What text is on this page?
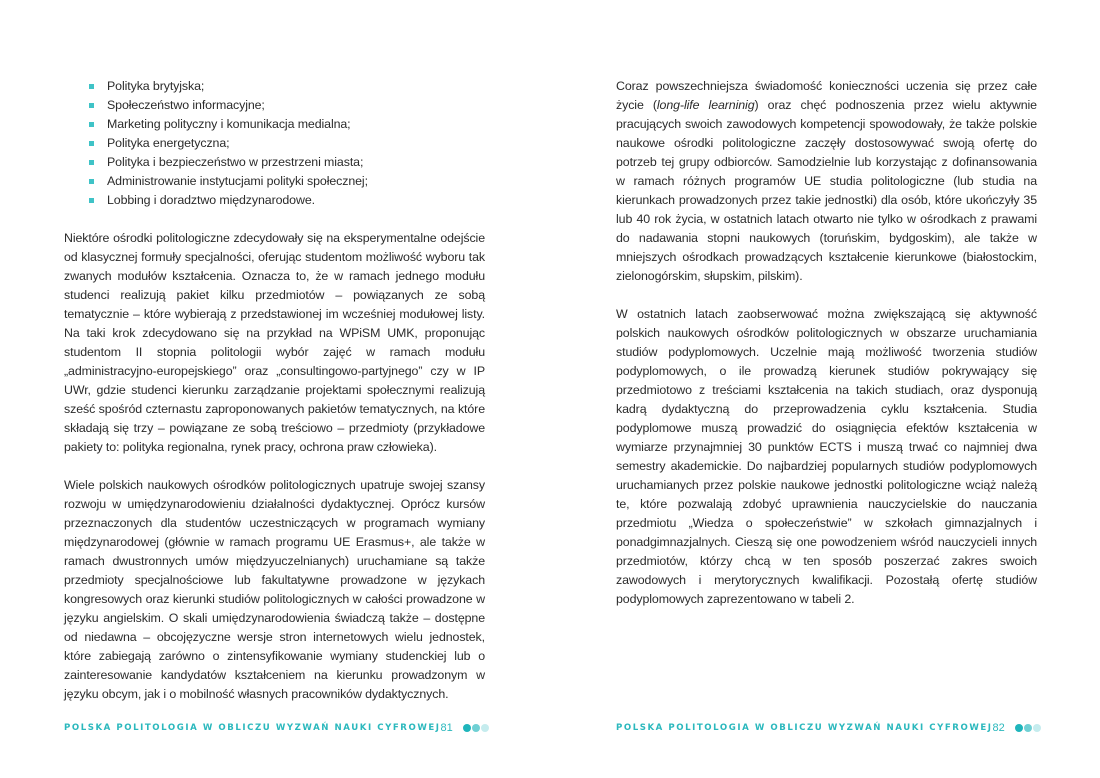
Polityka brytyjska;
Społeczeństwo informacyjne;
Marketing polityczny i komunikacja medialna;
Polityka energetyczna;
Polityka i bezpieczeństwo w przestrzeni miasta;
Administrowanie instytucjami polityki społecznej;
Lobbing i doradztwo międzynarodowe.

Niektóre ośrodki politologiczne zdecydowały się na eksperymentalne odejście od klasycznej formuły specjalności, oferując studentom możliwość wyboru tak zwanych modułów kształcenia. Oznacza to, że w ramach jednego modułu studenci realizują pakiet kilku przedmiotów – powiązanych ze sobą tematycznie – które wybierają z przedstawionej im wcześniej modułowej listy. Na taki krok zdecydowano się na przykład na WPiSM UMK, proponując studentom II stopnia politologii wybór zajęć w ramach modułu „administracyjno-europejskiego” oraz „consultingowo-partyjnego” czy w IP UWr, gdzie studenci kierunku zarządzanie projektami społecznymi realizują sześć spośród czternastu zaproponowanych pakietów tematycznych, na które składają się trzy – powiązane ze sobą treściowo – przedmioty (przykładowe pakiety to: polityka regionalna, rynek pracy, ochrona praw człowieka).

Wiele polskich naukowych ośrodków politologicznych upatruje swojej szansy rozwoju w umiędzynarodowieniu działalności dydaktycznej. Oprócz kursów przeznaczonych dla studentów uczestniczących w programach wymiany międzynarodowej (głównie w ramach programu UE Erasmus+, ale także w ramach dwustronnych umów międzyuczelnianych) uruchamiane są także przedmioty specjalnościowe lub fakultatywne prowadzone w językach kongresowych oraz kierunki studiów politologicznych w całości prowadzone w języku angielskim. O skali umiędzynarodowienia świadczą także – dostępne od niedawna – obcojęzyczne wersje stron internetowych wielu jednostek, które zabiegają zarówno o zintensyfikowanie wymiany studenckiej lub o zainteresowanie kandydatów kształceniem na kierunku prowadzonym w języku obcym, jak i o mobilność własnych pracowników dydaktycznych.

POLSKA POLITOLOGIA W OBLICZU WYZWAŃ NAUKI CYFROWEJ 81

Coraz powszechniejsza świadomość konieczności uczenia się przez całe życie (long-life learninig) oraz chęć podnoszenia przez wielu aktywnie pracujących swoich zawodowych kompetencji spowodowały, że także polskie naukowe ośrodki politologiczne zaczęły dostosowywać swoją ofertę do potrzeb tej grupy odbiorców. Samodzielnie lub korzystając z dofinansowania w ramach różnych programów UE studia politologiczne (lub studia na kierunkach prowadzonych przez takie jednostki) dla osób, które ukończyły 35 lub 40 rok życia, w ostatnich latach otwarto nie tylko w ośrodkach z prawami do nadawania stopni naukowych (toruńskim, bydgoskim), ale także w mniejszych ośrodkach prowadzących kształcenie kierunkowe (białostockim, zielonogórskim, słupskim, pilskim).

W ostatnich latach zaobserwować można zwiększającą się aktywność polskich naukowych ośrodków politologicznych w obszarze uruchamiania studiów podyplomowych. Uczelnie mają możliwość tworzenia studiów podyplomowych, o ile prowadzą kierunek studiów pokrywający się przedmiotowo z treściami kształcenia na takich studiach, oraz dysponują kadrą dydaktyczną do przeprowadzenia cyklu kształcenia. Studia podyplomowe muszą prowadzić do osiągnięcia efektów kształcenia w wymiarze przynajmniej 30 punktów ECTS i muszą trwać co najmniej dwa semestry akademickie. Do najbardziej popularnych studiów podyplomowych uruchamianych przez polskie naukowe jednostki politologiczne wciąż należą te, które pozwalają zdobyć uprawnienia nauczycielskie do nauczania przedmiotu „Wiedza o społeczeństwie” w szkołach gimnazjalnych i ponadgimnazjalnych. Cieszą się one powodzeniem wśród nauczycieli innych przedmiotów, którzy chcą w ten sposób poszerzać zakres swoich zawodowych i merytorycznych kwalifikacji. Pozostałą ofertę studiów podyplomowych zaprezentowano w tabeli 2.

POLSKA POLITOLOGIA W OBLICZU WYZWAŃ NAUKI CYFROWEJ 82
